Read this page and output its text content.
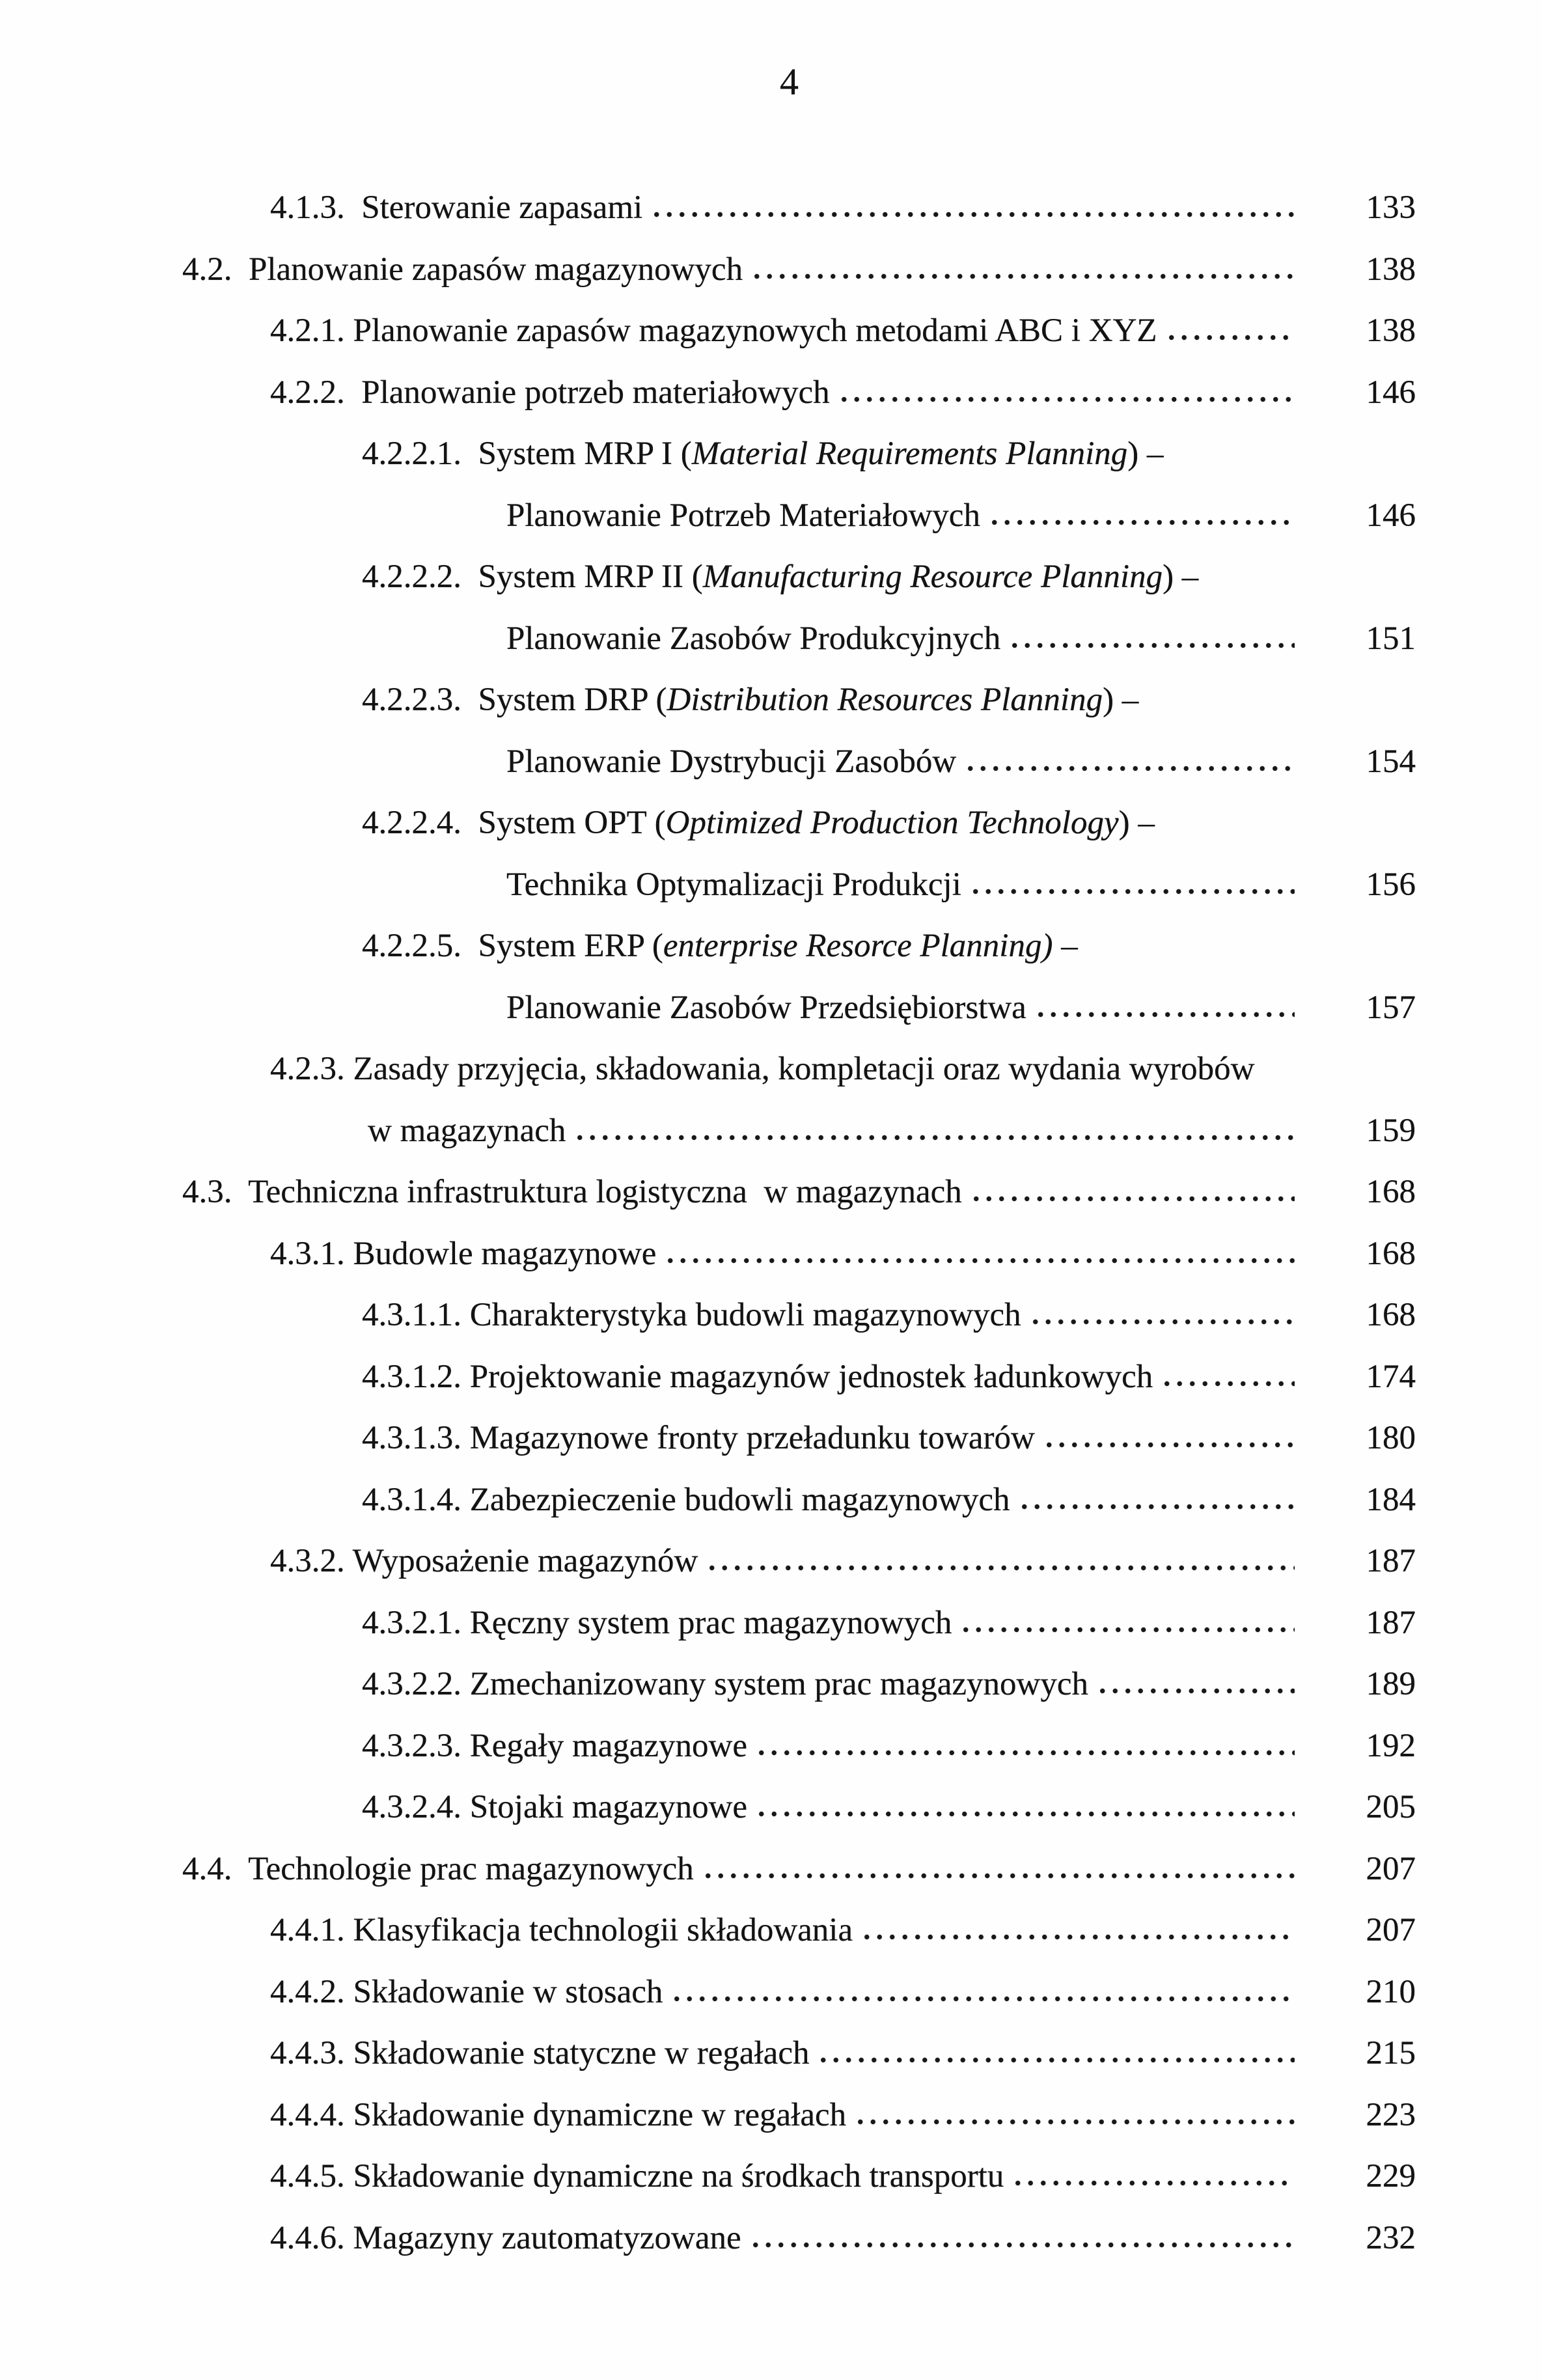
4
4.1.3.  Sterowanie zapasami	133
4.2.  Planowanie zapasów magazynowych	138
4.2.1. Planowanie zapasów magazynowych metodami ABC i XYZ	138
4.2.2.  Planowanie potrzeb materiałowych	146
4.2.2.1.  System MRP I (Material Requirements Planning) –
Planowanie Potrzeb Materiałowych	146
4.2.2.2.  System MRP II (Manufacturing Resource Planning) –
Planowanie Zasobów Produkcyjnych	151
4.2.2.3.  System DRP (Distribution Resources Planning) –
Planowanie Dystrybucji Zasobów	154
4.2.2.4.  System OPT (Optimized Production Technology) –
Technika Optymalizacji Produkcji	156
4.2.2.5.  System ERP (enterprise Resorce Planning) –
Planowanie Zasobów Przedsiębiorstwa	157
4.2.3. Zasady przyjęcia, składowania, kompletacji oraz wydania wyrobów
w magazynach	159
4.3.  Techniczna infrastruktura logistyczna  w magazynach	168
4.3.1. Budowle magazynowe	168
4.3.1.1. Charakterystyka budowli magazynowych	168
4.3.1.2. Projektowanie magazynów jednostek ładunkowych	174
4.3.1.3. Magazynowe fronty przeładunku towarów	180
4.3.1.4. Zabezpieczenie budowli magazynowych	184
4.3.2. Wyposażenie magazynów	187
4.3.2.1. Ręczny system prac magazynowych	187
4.3.2.2. Zmechanizowany system prac magazynowych	189
4.3.2.3. Regały magazynowe	192
4.3.2.4. Stojaki magazynowe	205
4.4.  Technologie prac magazynowych	207
4.4.1. Klasyfikacja technologii składowania	207
4.4.2. Składowanie w stosach	210
4.4.3. Składowanie statyczne w regałach	215
4.4.4. Składowanie dynamiczne w regałach	223
4.4.5. Składowanie dynamiczne na środkach transportu	229
4.4.6. Magazyny zautomatyzowane	232
